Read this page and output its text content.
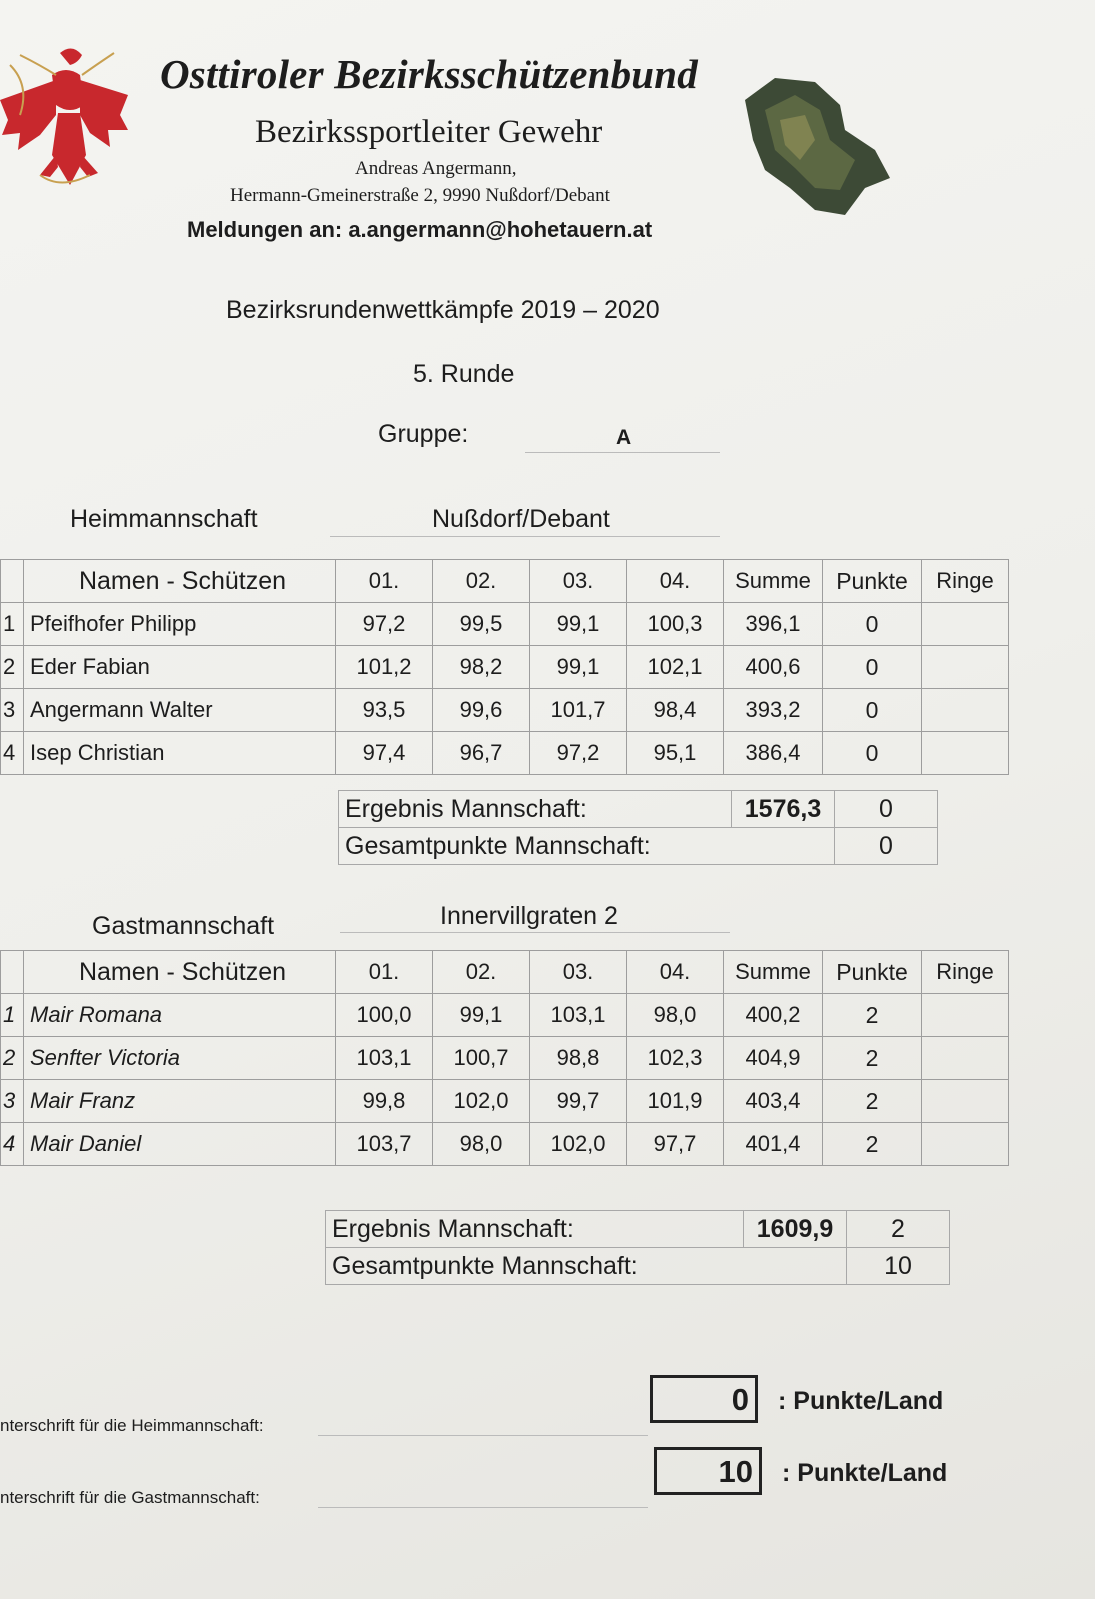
Osttiroler Bezirksschützenbund
Bezirkssportleiter Gewehr
Andreas Angermann,
Hermann-Gmeinerstraße 2, 9990 Nußdorf/Debant
Meldungen an: a.angermann@hohetauern.at
Bezirksrundenwettkämpfe 2019 – 2020
5. Runde
Gruppe:	A
Heimmannschaft	Nußdorf/Debant
	Namen - Schützen	01.	02.	03.	04.	Summe	Punkte	Ringe
1	Pfeifhofer Philipp	97,2	99,5	99,1	100,3	396,1	0	
2	Eder Fabian	101,2	98,2	99,1	102,1	400,6	0	
3	Angermann Walter	93,5	99,6	101,7	98,4	393,2	0	
4	Isep Christian	97,4	96,7	97,2	95,1	386,4	0	
Ergebnis Mannschaft:	1576,3	0
Gesamtpunkte Mannschaft:		0
Gastmannschaft	Innervillgraten 2
	Namen - Schützen	01.	02.	03.	04.	Summe	Punkte	Ringe
1	Mair Romana	100,0	99,1	103,1	98,0	400,2	2	
2	Senfter Victoria	103,1	100,7	98,8	102,3	404,9	2	
3	Mair Franz	99,8	102,0	99,7	101,9	403,4	2	
4	Mair Daniel	103,7	98,0	102,0	97,7	401,4	2	
Ergebnis Mannschaft:	1609,9	2
Gesamtpunkte Mannschaft:		10
0	: Punkte/Land
nterschrift für die Heimmannschaft:
10	: Punkte/Land
nterschrift für die Gastmannschaft:
